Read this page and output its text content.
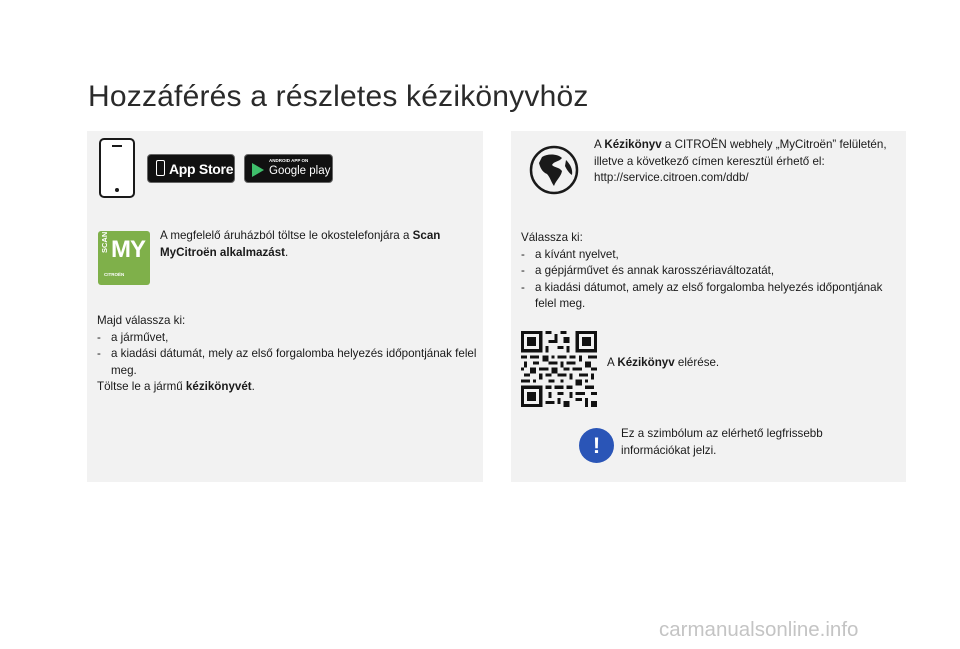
Hozzáférés a részletes kézikönyvhöz
App Store
ANDROID APP ON
Google play
SCAN MY
CITROËN
A megfelelő áruházból töltse le okostelefonjára a Scan MyCitroën alkalmazást.
Majd válassza ki:
- a járművet,
- a kiadási dátumát, mely az első forgalomba helyezés időpontjának felel meg.
Töltse le a jármű kézikönyvét.
A Kézikönyv a CITROËN webhely „MyCitroën” felületén, illetve a következő címen keresztül érhető el:
http://service.citroen.com/ddb/
Válassza ki:
- a kívánt nyelvet,
- a gépjárművet és annak karosszériaváltozatát,
- a kiadási dátumot, amely az első forgalomba helyezés időpontjának felel meg.
A Kézikönyv elérése.
!	Ez a szimbólum az elérhető legfrissebb információkat jelzi.
carmanualsonline.info
